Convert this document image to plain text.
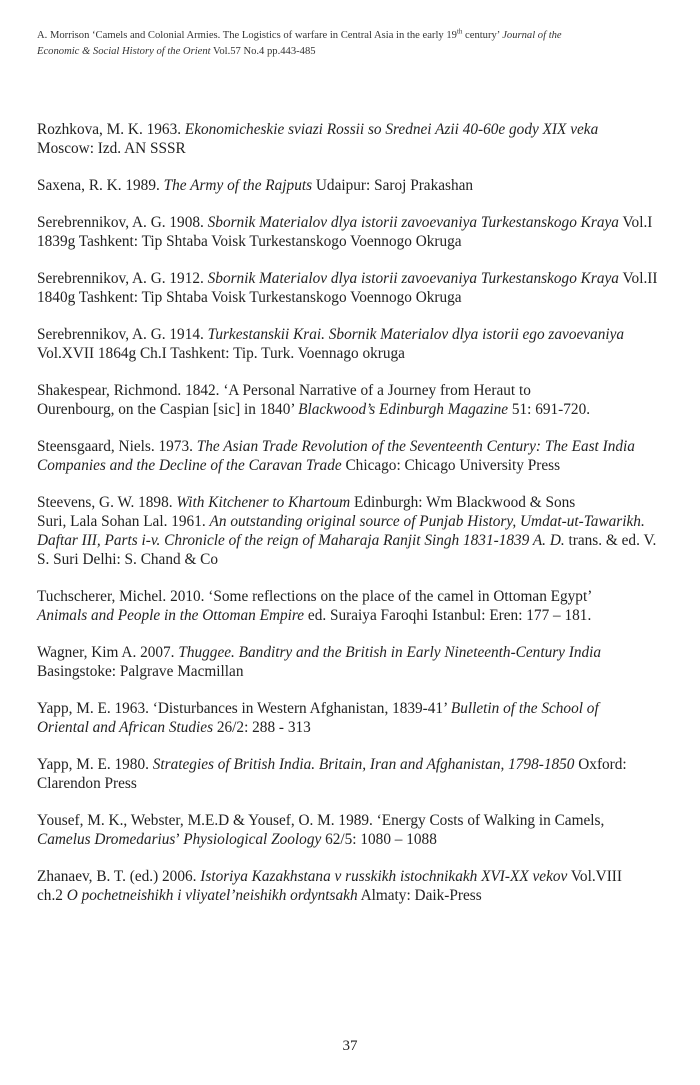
A. Morrison ‘Camels and Colonial Armies. The Logistics of warfare in Central Asia in the early 19th century’ Journal of the
Economic & Social History of the Orient Vol.57 No.4 pp.443-485
Rozhkova, M. K. 1963. Ekonomicheskie sviazi Rossii so Srednei Azii 40-60e gody XIX veka
Moscow: Izd. AN SSSR
Saxena, R. K. 1989. The Army of the Rajputs Udaipur: Saroj Prakashan
Serebrennikov, A. G. 1908. Sbornik Materialov dlya istorii zavoevaniya Turkestanskogo Kraya Vol.I
1839g Tashkent: Tip Shtaba Voisk Turkestanskogo Voennogo Okruga
Serebrennikov, A. G. 1912. Sbornik Materialov dlya istorii zavoevaniya Turkestanskogo Kraya Vol.II
1840g Tashkent: Tip Shtaba Voisk Turkestanskogo Voennogo Okruga
Serebrennikov, A. G. 1914. Turkestanskii Krai. Sbornik Materialov dlya istorii ego zavoevaniya
Vol.XVII 1864g Ch.I Tashkent: Tip. Turk. Voennago okruga
Shakespear, Richmond. 1842. ‘A Personal Narrative of a Journey from Heraut to
Ourenbourg, on the Caspian [sic] in 1840’ Blackwood’s Edinburgh Magazine 51: 691-720.
Steensgaard, Niels. 1973. The Asian Trade Revolution of the Seventeenth Century: The East India
Companies and the Decline of the Caravan Trade Chicago: Chicago University Press
Steevens, G. W. 1898. With Kitchener to Khartoum Edinburgh: Wm Blackwood & Sons
Suri, Lala Sohan Lal. 1961. An outstanding original source of Punjab History, Umdat-ut-Tawarikh.
Daftar III, Parts i-v. Chronicle of the reign of Maharaja Ranjit Singh 1831-1839 A. D. trans. & ed. V.
S. Suri Delhi: S. Chand & Co
Tuchscherer, Michel. 2010. ‘Some reflections on the place of the camel in Ottoman Egypt’
Animals and People in the Ottoman Empire ed. Suraiya Faroqhi Istanbul: Eren: 177 – 181.
Wagner, Kim A. 2007. Thuggee. Banditry and the British in Early Nineteenth-Century India
Basingstoke: Palgrave Macmillan
Yapp, M. E. 1963. ‘Disturbances in Western Afghanistan, 1839-41’ Bulletin of the School of
Oriental and African Studies 26/2: 288 - 313
Yapp, M. E. 1980. Strategies of British India. Britain, Iran and Afghanistan, 1798-1850 Oxford:
Clarendon Press
Yousef, M. K., Webster, M.E.D & Yousef, O. M. 1989. ‘Energy Costs of Walking in Camels,
Camelus Dromedarius’ Physiological Zoology 62/5: 1080 – 1088
Zhanaev, B. T. (ed.) 2006. Istoriya Kazakhstana v russkikh istochnikakh XVI-XX vekov Vol.VIII
ch.2 O pochetneishikh i vliyatel’neishikh ordyntsakh Almaty: Daik-Press
37
